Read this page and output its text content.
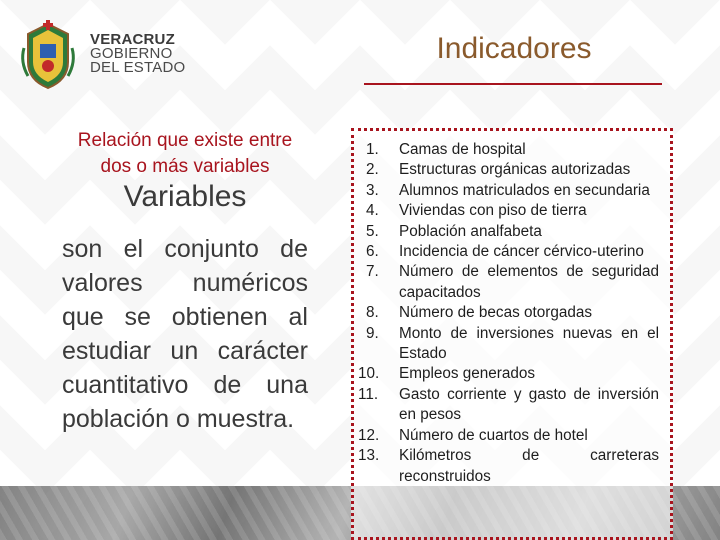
VERACRUZ
GOBIERNO
DEL ESTADO
Indicadores
Relación que existe entre dos o más variables
Variables
son el conjunto de valores numéricos que se obtienen al estudiar un carácter cuantitativo de una población o muestra.
1.	Camas de hospital
2.	Estructuras orgánicas autorizadas
3.	Alumnos matriculados en secundaria
4.	Viviendas con piso de tierra
5.	Población analfabeta
6.	Incidencia de cáncer cérvico-uterino
7.	Número de elementos de seguridad capacitados
8.	Número de becas otorgadas
9.	Monto de inversiones nuevas en el Estado
10.	Empleos generados
11.	Gasto corriente y gasto de inversión en pesos
12.	Número de cuartos de hotel
13.	Kilómetros de carreteras reconstruidos
